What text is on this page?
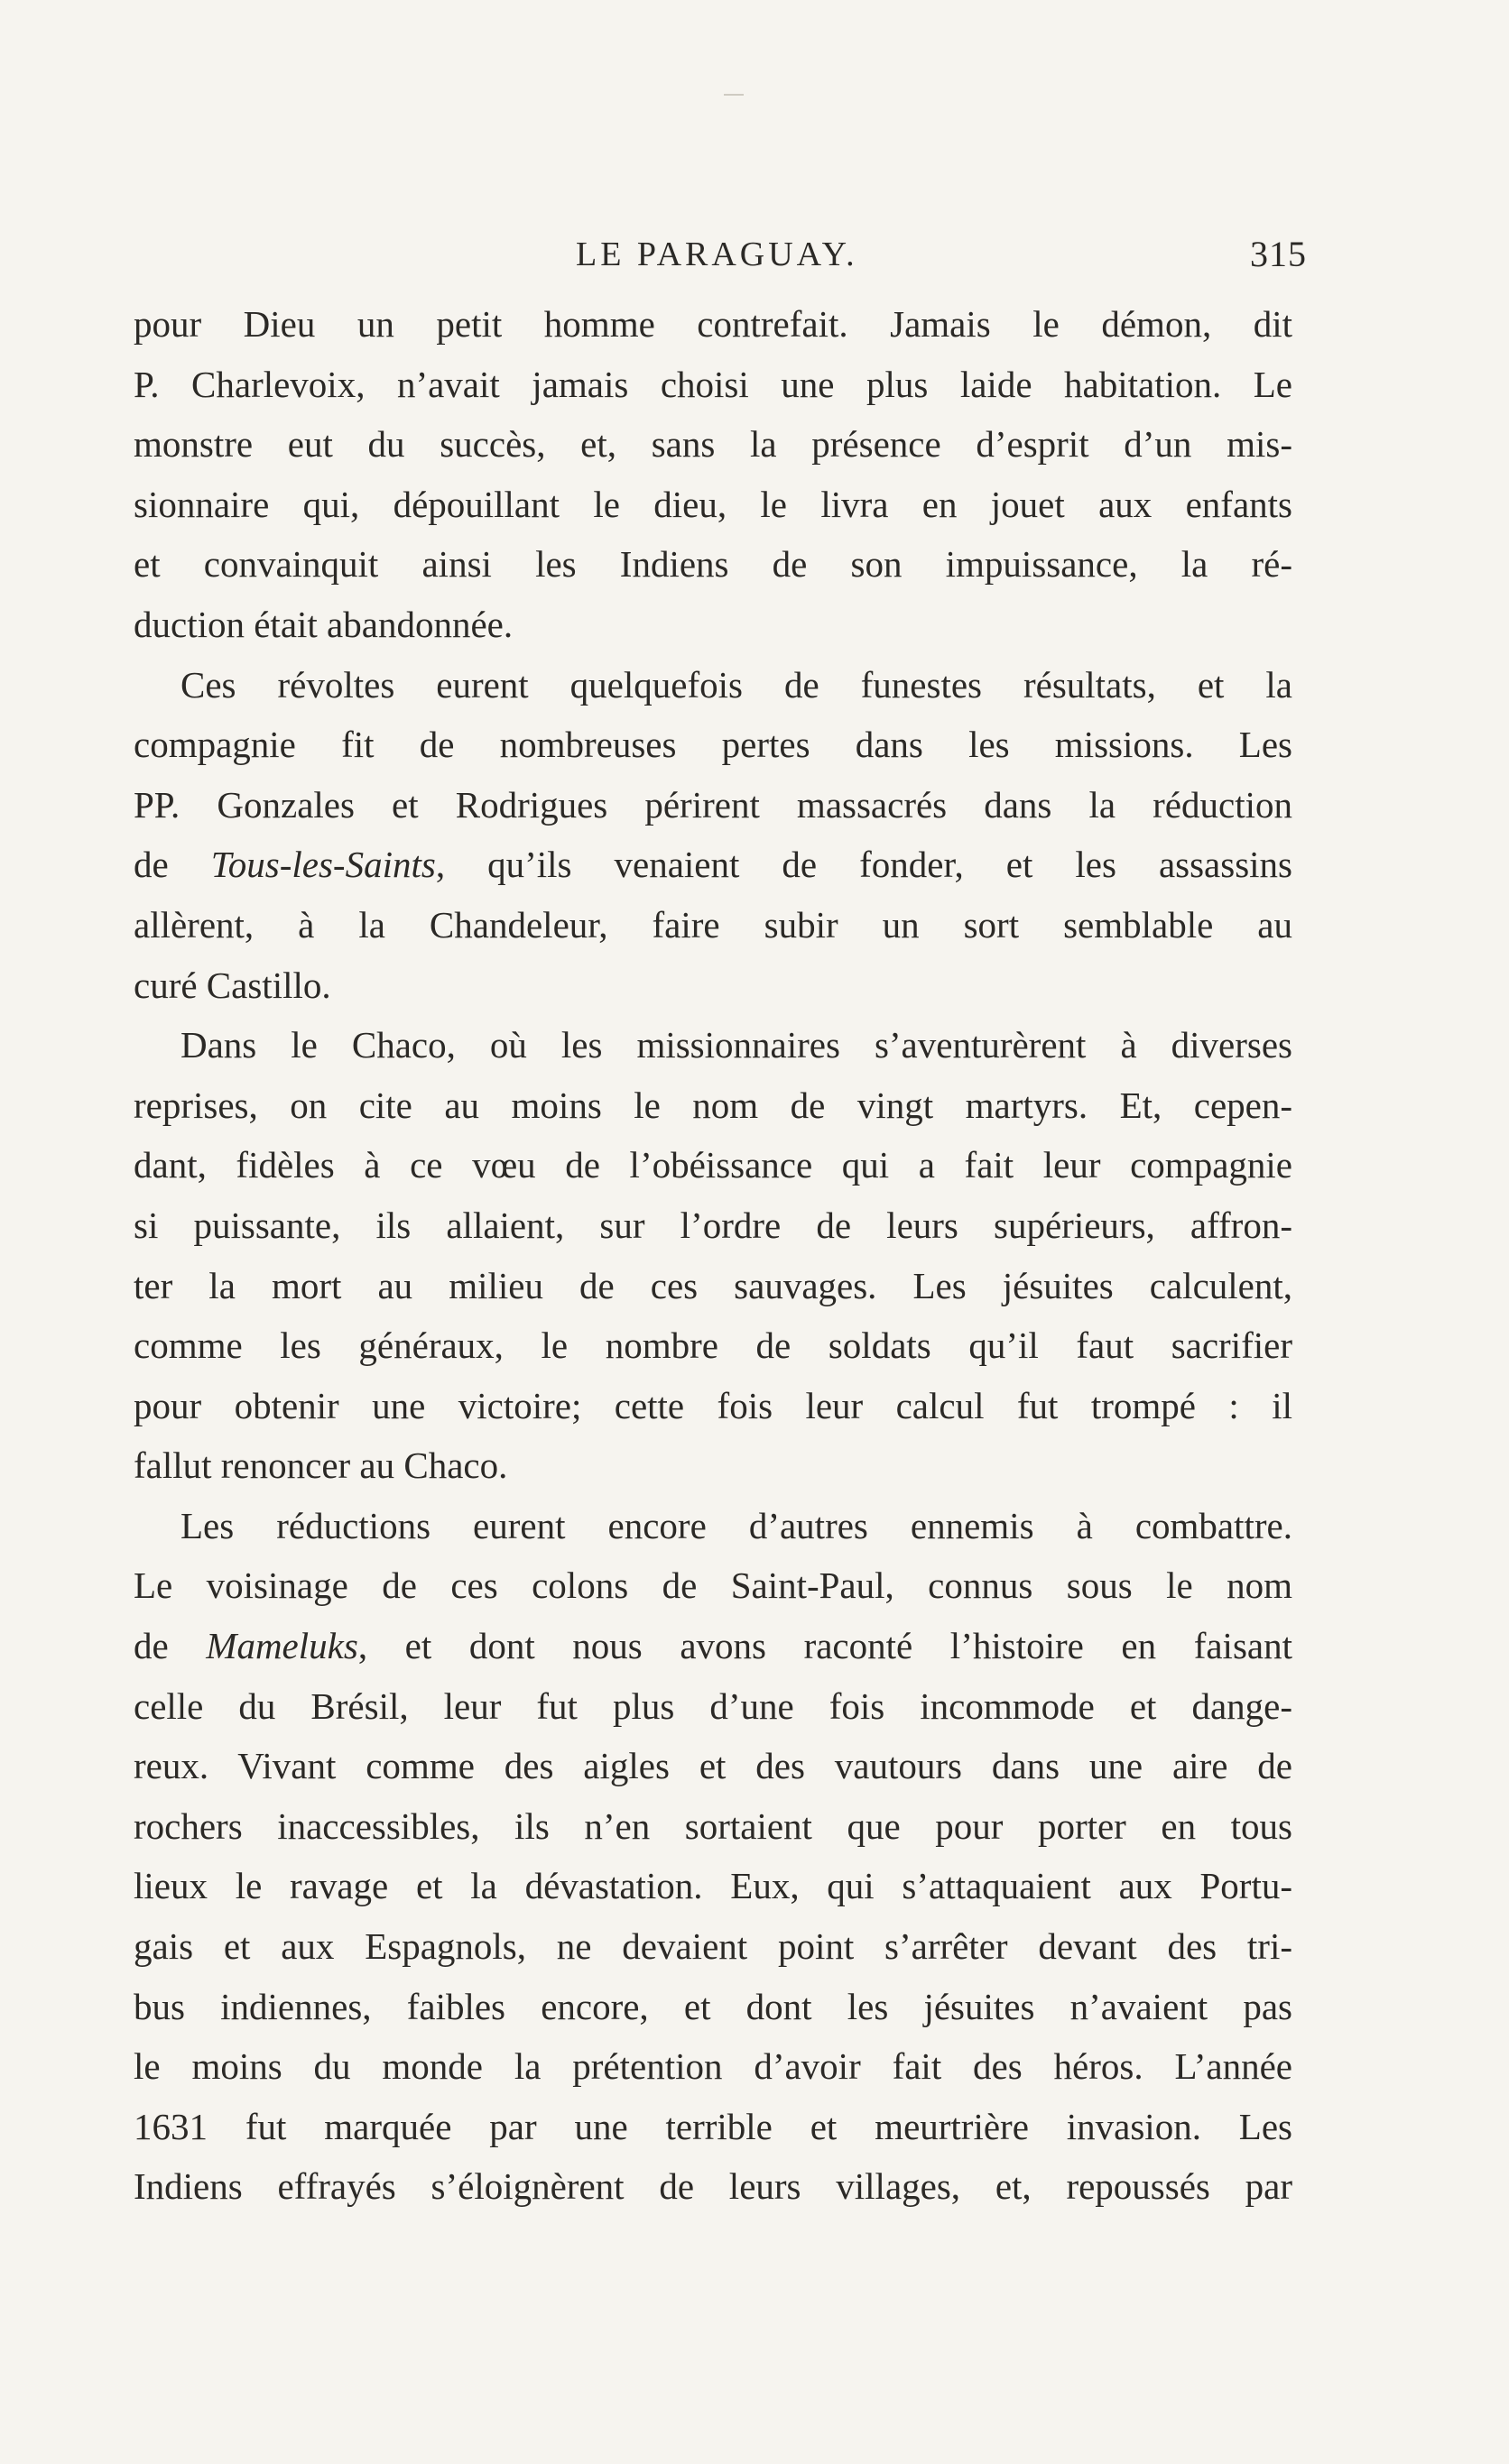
LE PARAGUAY.	315
pour Dieu un petit homme contrefait. Jamais le démon, dit
P. Charlevoix, n’avait jamais choisi une plus laide habitation. Le
monstre eut du succès, et, sans la présence d’esprit d’un mis-
sionnaire qui, dépouillant le dieu, le livra en jouet aux enfants
et convainquit ainsi les Indiens de son impuissance, la ré-
duction était abandonnée.
Ces révoltes eurent quelquefois de funestes résultats, et la
compagnie fit de nombreuses pertes dans les missions. Les
PP. Gonzales et Rodrigues périrent massacrés dans la réduction
de Tous-les-Saints, qu’ils venaient de fonder, et les assassins
allèrent, à la Chandeleur, faire subir un sort semblable au
curé Castillo.
Dans le Chaco, où les missionnaires s’aventurèrent à diverses
reprises, on cite au moins le nom de vingt martyrs. Et, cepen-
dant, fidèles à ce vœu de l’obéissance qui a fait leur compagnie
si puissante, ils allaient, sur l’ordre de leurs supérieurs, affron-
ter la mort au milieu de ces sauvages. Les jésuites calculent,
comme les généraux, le nombre de soldats qu’il faut sacrifier
pour obtenir une victoire; cette fois leur calcul fut trompé : il
fallut renoncer au Chaco.
Les réductions eurent encore d’autres ennemis à combattre.
Le voisinage de ces colons de Saint-Paul, connus sous le nom
de Mameluks, et dont nous avons raconté l’histoire en faisant
celle du Brésil, leur fut plus d’une fois incommode et dange-
reux. Vivant comme des aigles et des vautours dans une aire de
rochers inaccessibles, ils n’en sortaient que pour porter en tous
lieux le ravage et la dévastation. Eux, qui s’attaquaient aux Portu-
gais et aux Espagnols, ne devaient point s’arrêter devant des tri-
bus indiennes, faibles encore, et dont les jésuites n’avaient pas
le moins du monde la prétention d’avoir fait des héros. L’année
1631 fut marquée par une terrible et meurtrière invasion. Les
Indiens effrayés s’éloignèrent de leurs villages, et, repoussés par
